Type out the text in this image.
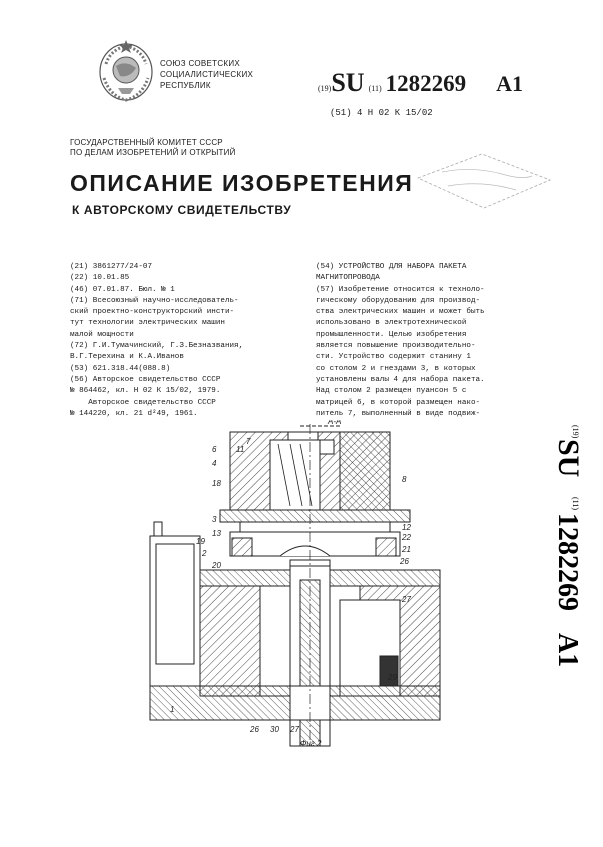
СОЮЗ СОВЕТСКИХ
СОЦИАЛИСТИЧЕСКИХ
РЕСПУБЛИК	(19)SU (11) 1282269 A1
(51) 4 Н 02 К 15/02
ГОСУДАРСТВЕННЫЙ КОМИТЕТ СССР
ПО ДЕЛАМ ИЗОБРЕТЕНИЙ И ОТКРЫТИЙ
ОПИСАНИЕ ИЗОБРЕТЕНИЯ
К АВТОРСКОМУ СВИДЕТЕЛЬСТВУ
(21) 3861277/24-07
(22) 10.01.85
(46) 07.01.87. Бюл. № 1
(71) Всесоюзный научно-исследователь-
ский проектно-конструкторский инсти-
тут технологии электрических машин
малой мощности
(72) Г.И.Тумачинский, Г.З.Безназвания,
В.Г.Терехина и К.А.Иванов
(53) 621.318.44(088.8)
(56) Авторское свидетельство СССР
№ 864462, кл. Н 02 К 15/02, 1979.
Авторское свидетельство СССР
№ 144220, кл. 21 d²49, 1961.
(54) УСТРОЙСТВО ДЛЯ НАБОРА ПАКЕТА
МАГНИТОПРОВОДА
(57) Изобретение относится к техноло-
гическому оборудованию для производ-
ства электрических машин и может быть
использовано в электротехнической
промышленности. Целью изобретения
является повышение производительно-
сти. Устройство содержит станину 1
со столом 2 и гнездами 3, в которых
установлены валы 4 для набора пакета.
Над столом 2 размещен пуансон 5 с
матрицей 6, в которой размещен нако-
питель 7, выполненный в виде подвиж-
(19)
SU
(11)
1282269
A1
А-А
Фиг 2
6
4
18
7
11
8
3
13
19
2
20
12
22
21
26
27
29
1
30
26	27
